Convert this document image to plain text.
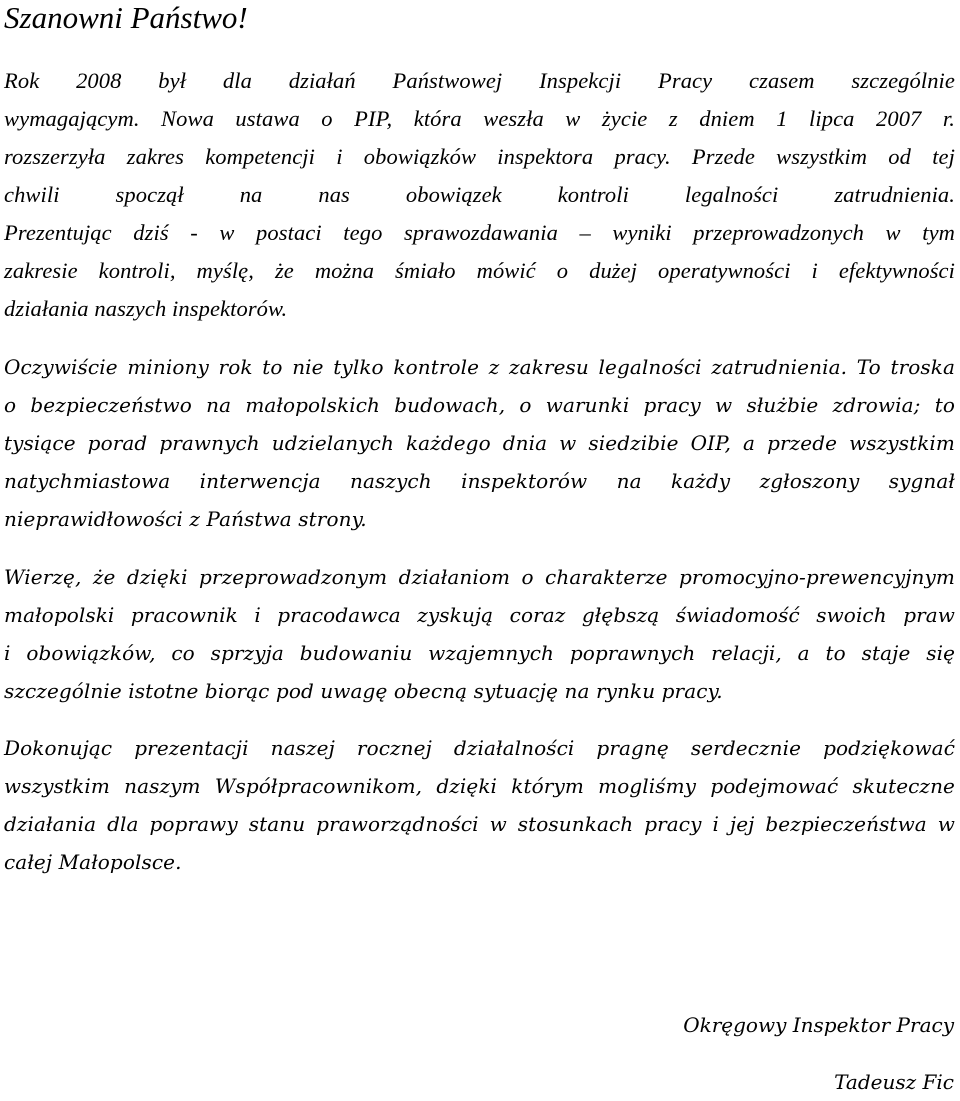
Szanowni Państwo!
Rok 2008 był dla działań Państwowej Inspekcji Pracy czasem szczególnie
wymagającym. Nowa ustawa o PIP, która weszła w życie z dniem 1 lipca 2007 r.
rozszerzyła zakres kompetencji i obowiązków inspektora pracy. Przede wszystkim od tej
chwili spoczął na nas obowiązek kontroli legalności zatrudnienia.
Prezentując dziś - w postaci tego sprawozdawania – wyniki przeprowadzonych w tym
zakresie kontroli, myślę, że można śmiało mówić o dużej operatywności i efektywności
działania naszych inspektorów.
Oczywiście miniony rok to nie tylko kontrole z zakresu legalności zatrudnienia. To troska
o bezpieczeństwo na małopolskich budowach, o warunki pracy w służbie zdrowia; to
tysiące porad prawnych udzielanych każdego dnia w siedzibie OIP, a przede wszystkim
natychmiastowa interwencja naszych inspektorów na każdy zgłoszony sygnał
nieprawidłowości z Państwa strony.
Wierzę, że dzięki przeprowadzonym działaniom o charakterze promocyjno-prewencyjnym
małopolski pracownik i pracodawca zyskują coraz głębszą świadomość swoich praw
i obowiązków, co sprzyja budowaniu wzajemnych poprawnych relacji, a to staje się
szczególnie istotne biorąc pod uwagę obecną sytuację na rynku pracy.
Dokonując prezentacji naszej rocznej działalności pragnę serdecznie podziękować
wszystkim naszym Współpracownikom, dzięki którym mogliśmy podejmować skuteczne
działania dla poprawy stanu praworządności w stosunkach pracy i jej bezpieczeństwa w
całej Małopolsce.
Okręgowy Inspektor Pracy
Tadeusz Fic
